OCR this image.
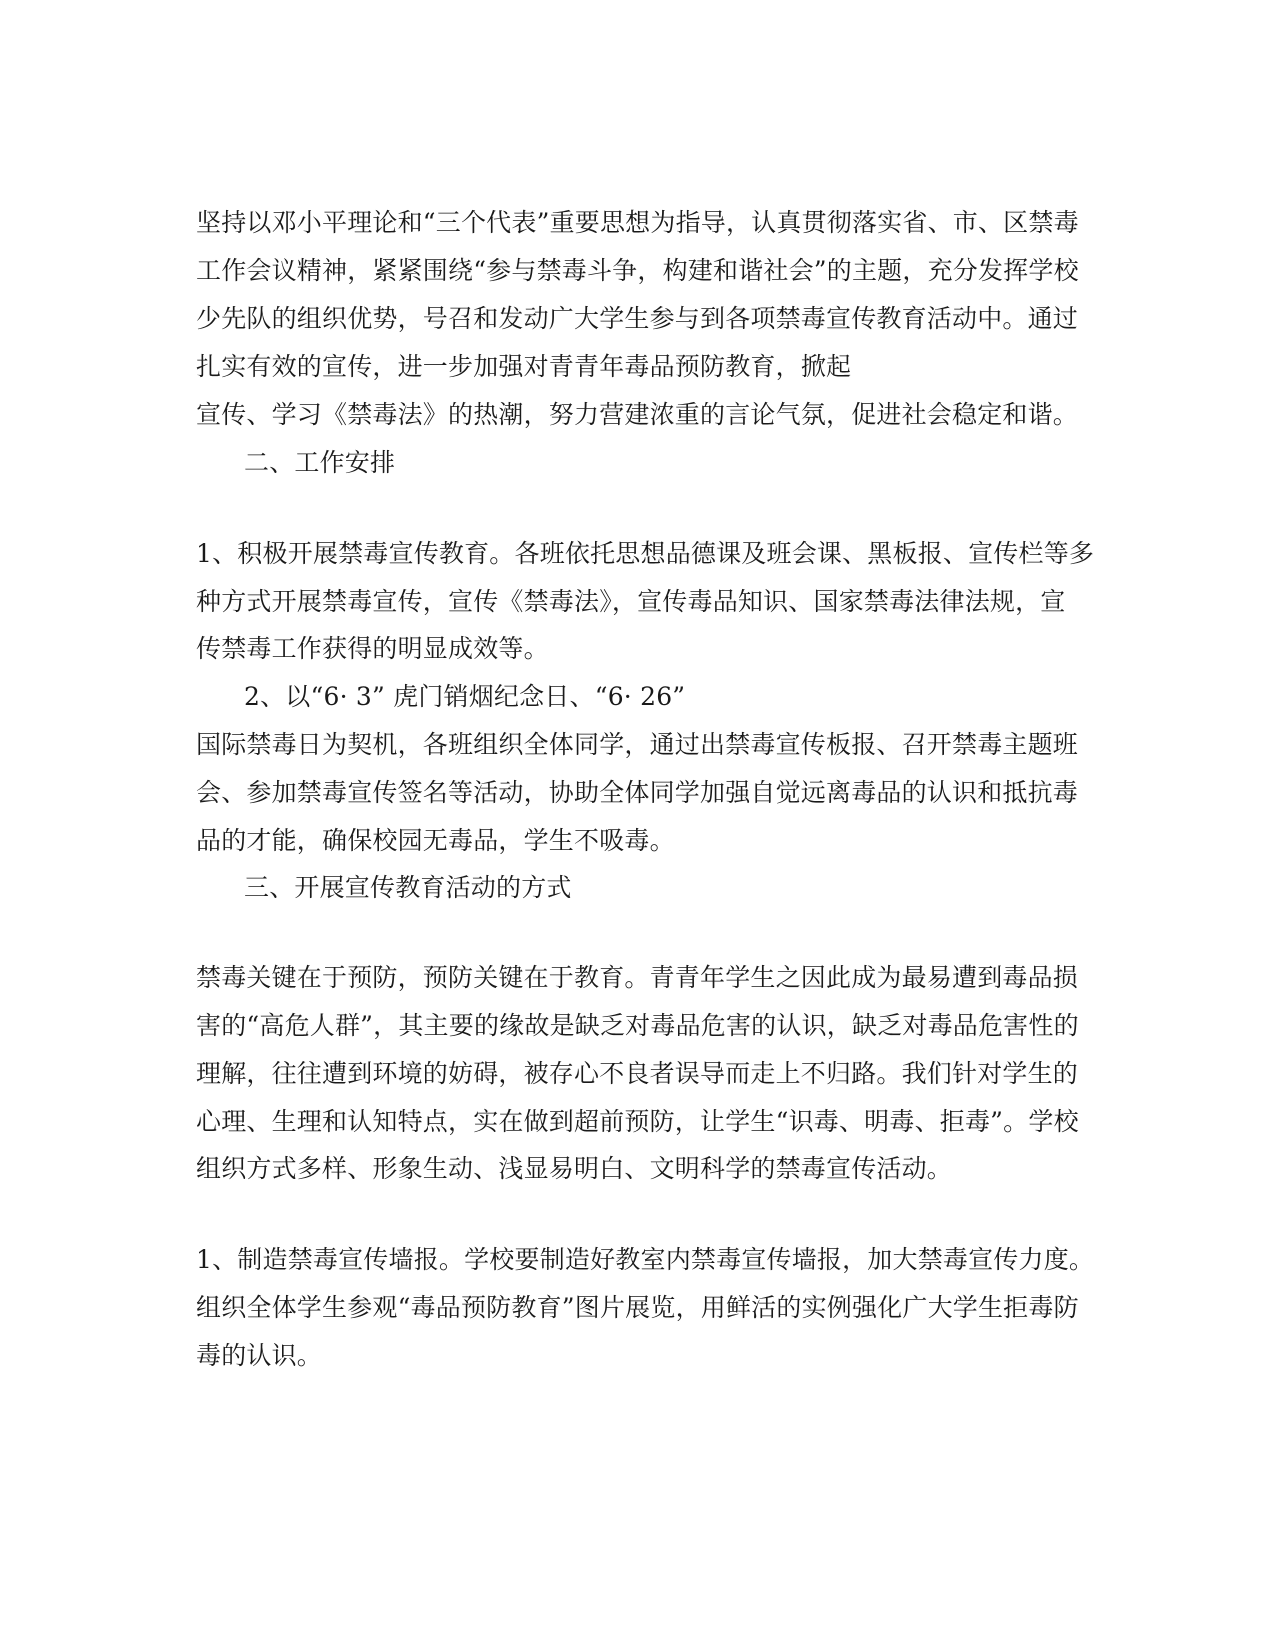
坚持以邓小平理论和“三个代表”重要思想为指导，认真贯彻落实省、市、区禁毒
工作会议精神，紧紧围绕“参与禁毒斗争，构建和谐社会”的主题，充分发挥学校
少先队的组织优势，号召和发动广大学生参与到各项禁毒宣传教育活动中。通过
扎实有效的宣传，进一步加强对青青年毒品预防教育，掀起
宣传、学习《禁毒法》的热潮，努力营建浓重的言论气氛，促进社会稳定和谐。
二、工作安排
1、积极开展禁毒宣传教育。各班依托思想品德课及班会课、黑板报、宣传栏等多
种方式开展禁毒宣传，宣传《禁毒法》，宣传毒品知识、国家禁毒法律法规，宣
传禁毒工作获得的明显成效等。
2、以“6· 3” 虎门销烟纪念日、“6· 26”
国际禁毒日为契机，各班组织全体同学，通过出禁毒宣传板报、召开禁毒主题班
会、参加禁毒宣传签名等活动，协助全体同学加强自觉远离毒品的认识和抵抗毒
品的才能，确保校园无毒品，学生不吸毒。
三、开展宣传教育活动的方式
禁毒关键在于预防，预防关键在于教育。青青年学生之因此成为最易遭到毒品损
害的“高危人群”，其主要的缘故是缺乏对毒品危害的认识，缺乏对毒品危害性的
理解，往往遭到环境的妨碍，被存心不良者误导而走上不归路。我们针对学生的
心理、生理和认知特点，实在做到超前预防，让学生“识毒、明毒、拒毒”。学校
组织方式多样、形象生动、浅显易明白、文明科学的禁毒宣传活动。
1、制造禁毒宣传墙报。学校要制造好教室内禁毒宣传墙报，加大禁毒宣传力度。
组织全体学生参观“毒品预防教育”图片展览，用鲜活的实例强化广大学生拒毒防
毒的认识。
